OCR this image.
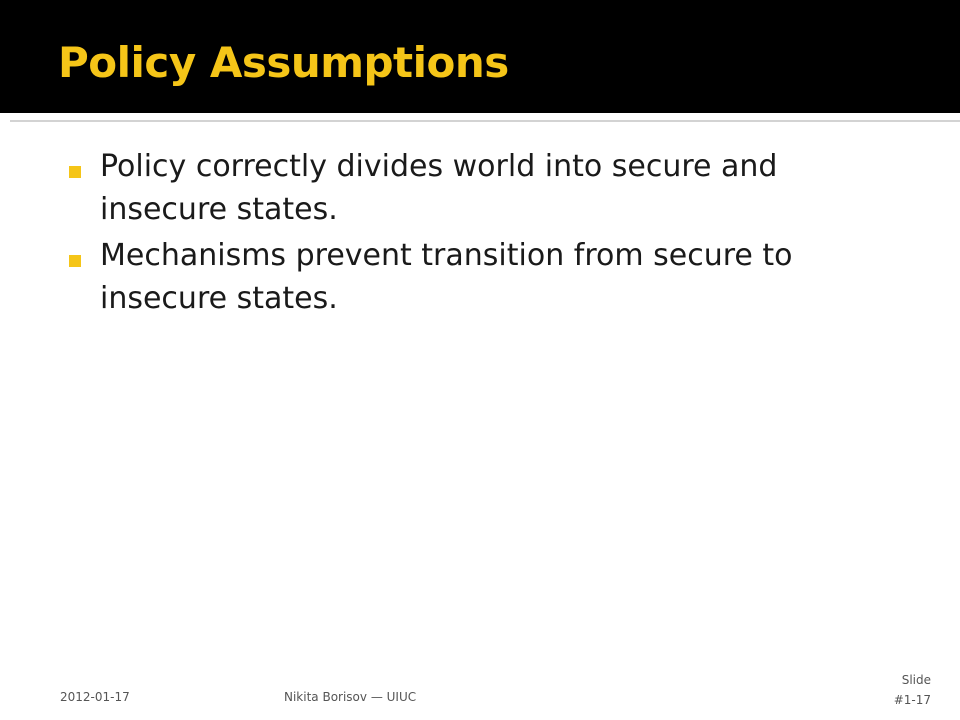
Policy Assumptions
Policy correctly divides world into secure and insecure states.
Mechanisms prevent transition from secure to insecure states.
2012-01-17	Nikita Borisov — UIUC
Slide
#1-17
